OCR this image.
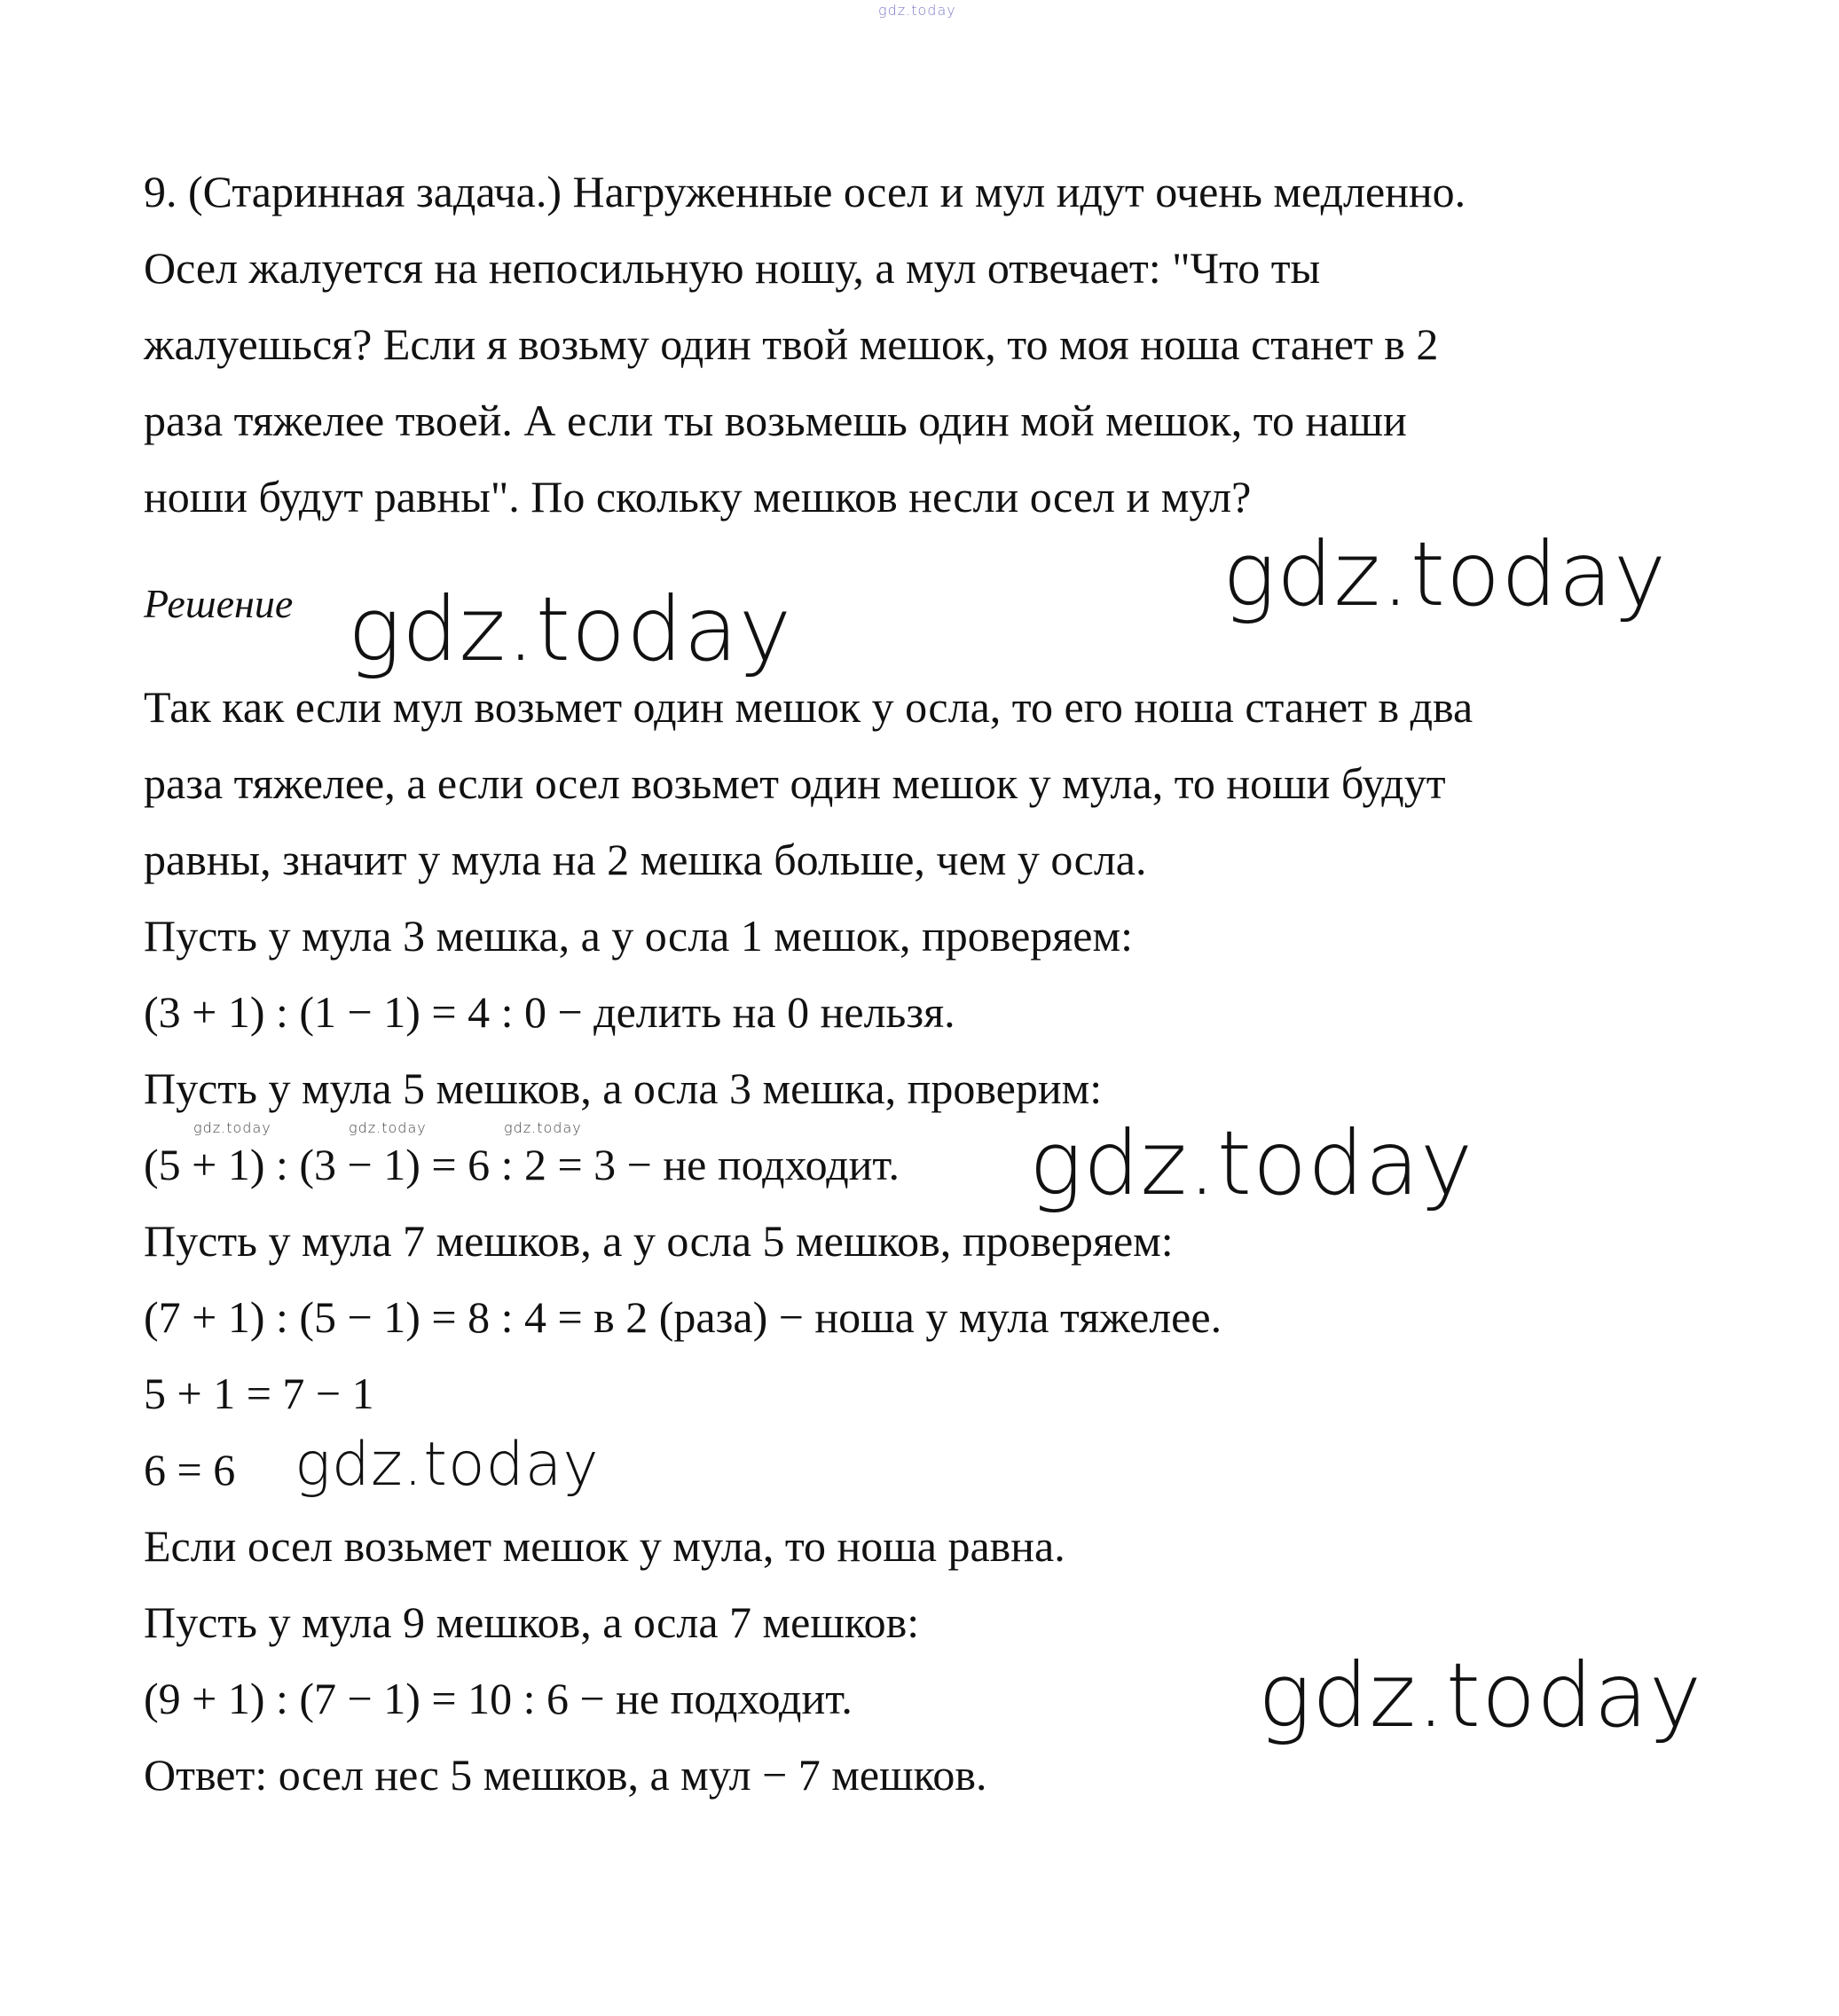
gdz.today
9. (Старинная задача.) Нагруженные осел и мул идут очень медленно.
Осел жалуется на непосильную ношу, а мул отвечает: "Что ты
жалуешься? Если я возьму один твой мешок, то моя ноша станет в 2
раза тяжелее твоей. А если ты возьмешь один мой мешок, то наши
ноши будут равны". По скольку мешков несли осел и мул?
gdz.today
gdz.today
Решение
Так как если мул возьмет один мешок у осла, то его ноша станет в два
раза тяжелее, а если осел возьмет один мешок у мула, то ноши будут
равны, значит у мула на 2 мешка больше, чем у осла.
Пусть у мула 3 мешка, а у осла 1 мешок, проверяем:
(3 + 1) : (1 − 1) = 4 : 0 − делить на 0 нельзя.
Пусть у мула 5 мешков, а осла 3 мешка, проверим:
gdz.today	gdz.today	gdz.today
(5 + 1) : (3 − 1) = 6 : 2 = 3 − не подходит. gdz.today
Пусть у мула 7 мешков, а у осла 5 мешков, проверяем:
(7 + 1) : (5 − 1) = 8 : 4 = в 2 (раза) − ноша у мула тяжелее.
5 + 1 = 7 − 1
6 = 6 gdz.today
Если осел возьмет мешок у мула, то ноша равна.
Пусть у мула 9 мешков, а осла 7 мешков:
(9 + 1) : (7 − 1) = 10 : 6 − не подходит.	gdz.today
Ответ: осел нес 5 мешков, а мул − 7 мешков.
